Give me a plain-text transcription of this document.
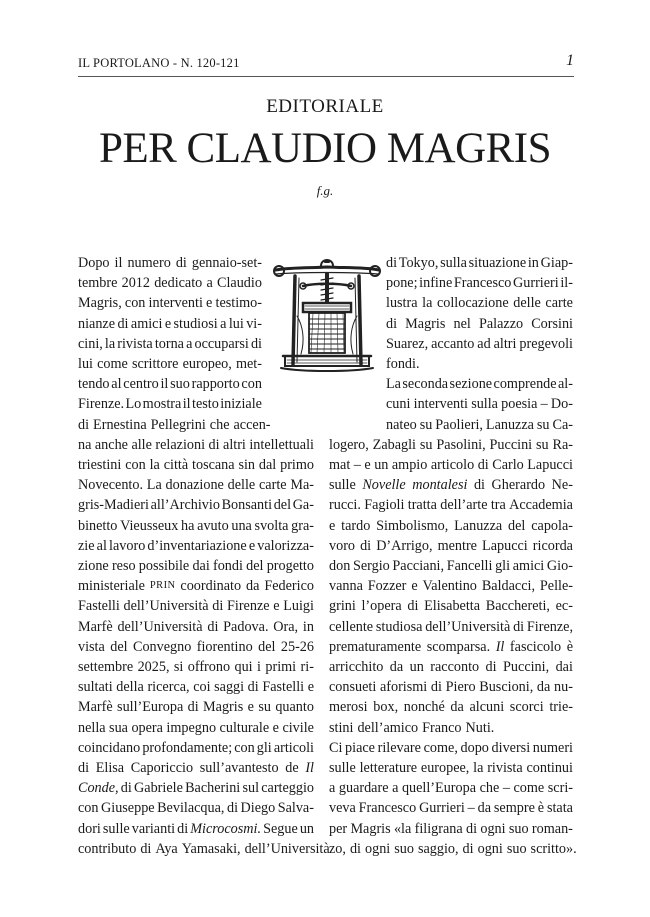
IL PORTOLANO - N. 120-121	1
EDITORIALE
PER CLAUDIO MAGRIS
f.g.
Dopo il numero di gennaio-set-
tembre 2012 dedicato a Claudio
Magris, con interventi e testimo-
nianze di amici e studiosi a lui vi-
cini, la rivista torna a occuparsi di
lui come scrittore europeo, met-
tendo al centro il suo rapporto con
Firenze. Lo mostra il testo iniziale
di Ernestina Pellegrini che accen-
na anche alle relazioni di altri intellettuali
triestini con la città toscana sin dal primo
Novecento. La donazione delle carte Ma-
gris-Madieri all’Archivio Bonsanti del Ga-
binetto Vieusseux ha avuto una svolta gra-
zie al lavoro d’inventariazione e valorizza-
zione reso possibile dai fondi del progetto
ministeriale PRIN coordinato da Federico
Fastelli dell’Università di Firenze e Luigi
Marfè dell’Università di Padova. Ora, in
vista del Convegno fiorentino del 25-26
settembre 2025, si offrono qui i primi ri-
sultati della ricerca, coi saggi di Fastelli e
Marfè sull’Europa di Magris e su quanto
nella sua opera impegno culturale e civile
coincidano profondamente; con gli articoli
di Elisa Caporiccio sull’avantesto de Il
Conde, di Gabriele Bacherini sul carteggio
con Giuseppe Bevilacqua, di Diego Salva-
dori sulle varianti di Microcosmi. Segue un
contributo di Aya Yamasaki, dell’Università
di Tokyo, sulla situazione in Giap-
pone; infine Francesco Gurrieri il-
lustra la collocazione delle carte
di Magris nel Palazzo Corsini
Suarez, accanto ad altri pregevoli
fondi.
La seconda sezione comprende al-
cuni interventi sulla poesia – Do-
nateo su Paolieri, Lanuzza su Ca-
logero, Zabagli su Pasolini, Puccini su Ra-
mat – e un ampio articolo di Carlo Lapucci
sulle Novelle montalesi di Gherardo Ne-
rucci. Fagioli tratta dell’arte tra Accademia
e tardo Simbolismo, Lanuzza del capola-
voro di D’Arrigo, mentre Lapucci ricorda
don Sergio Pacciani, Fancelli gli amici Gio-
vanna Fozzer e Valentino Baldacci, Pelle-
grini l’opera di Elisabetta Bacchereti, ec-
cellente studiosa dell’Università di Firenze,
prematuramente scomparsa. Il fascicolo è
arricchito da un racconto di Puccini, dai
consueti aforismi di Piero Buscioni, da nu-
merosi box, nonché da alcuni scorci trie-
stini dell’amico Franco Nuti.
Ci piace rilevare come, dopo diversi numeri
sulle letterature europee, la rivista continui
a guardare a quell’Europa che – come scri-
veva Francesco Gurrieri – da sempre è stata
per Magris «la filigrana di ogni suo roman-
zo, di ogni suo saggio, di ogni suo scritto».
